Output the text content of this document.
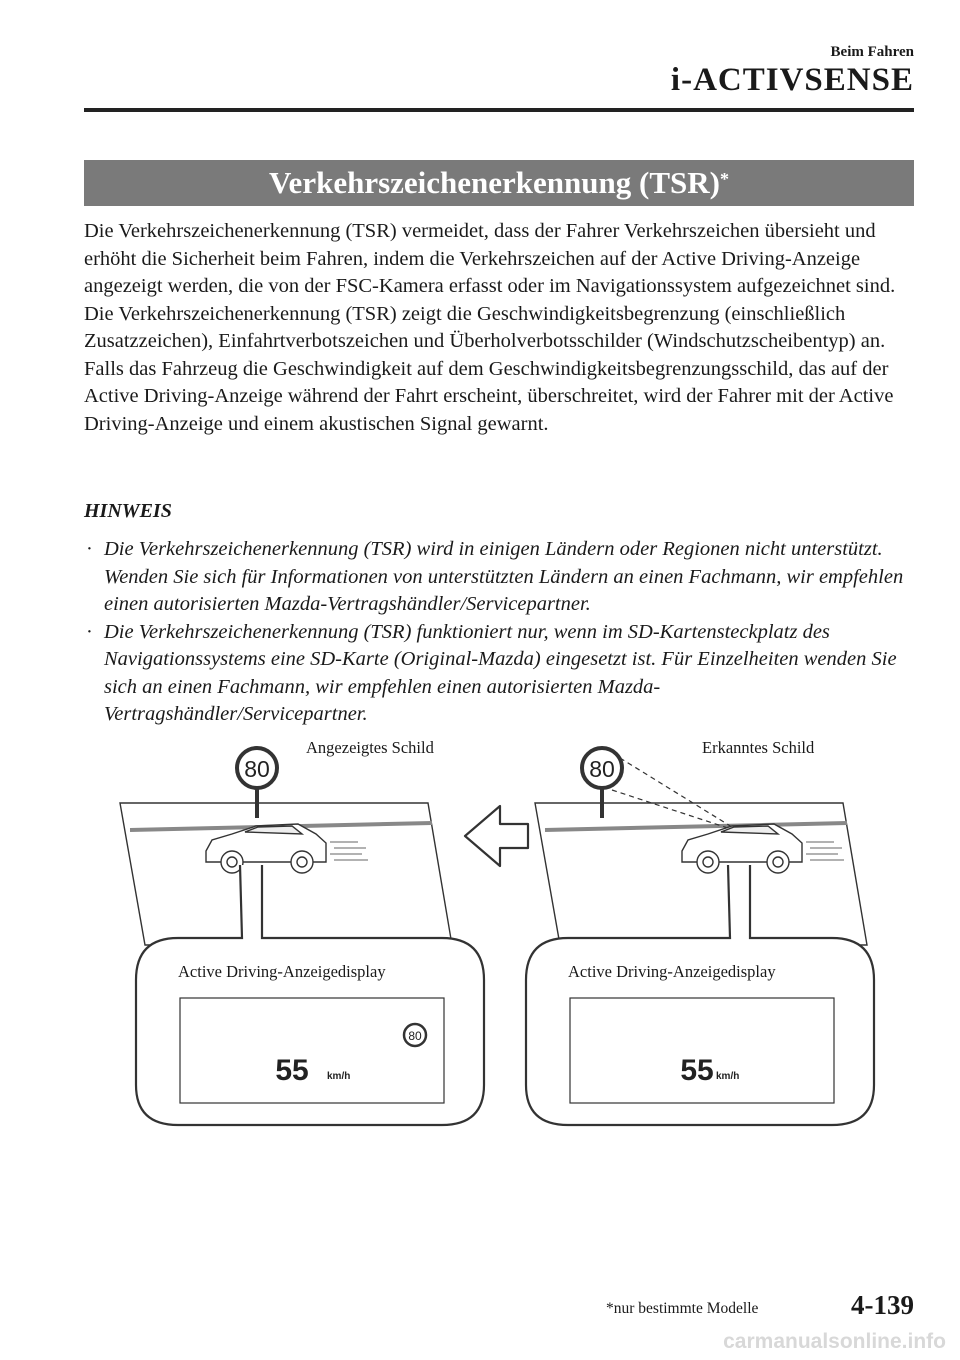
Beim Fahren
i-ACTIVSENSE
Verkehrszeichenerkennung (TSR)*

Die Verkehrszeichenerkennung (TSR) vermeidet, dass der Fahrer Verkehrszeichen übersieht und erhöht die Sicherheit beim Fahren, indem die Verkehrszeichen auf der Active Driving-Anzeige angezeigt werden, die von der FSC-Kamera erfasst oder im Navigationssystem aufgezeichnet sind.

Die Verkehrszeichenerkennung (TSR) zeigt die Geschwindigkeitsbegrenzung (einschließlich Zusatzzeichen), Einfahrtverbotszeichen und Überholverbotsschilder (Windschutzscheibentyp) an.

Falls das Fahrzeug die Geschwindigkeit auf dem Geschwindigkeitsbegrenzungsschild, das auf der Active Driving-Anzeige während der Fahrt erscheint, überschreitet, wird der Fahrer mit der Active Driving-Anzeige und einem akustischen Signal gewarnt.

HINWEIS

· Die Verkehrszeichenerkennung (TSR) wird in einigen Ländern oder Regionen nicht unterstützt. Wenden Sie sich für Informationen von unterstützten Ländern an einen Fachmann, wir empfehlen einen autorisierten Mazda-Vertragshändler/Servicepartner.

· Die Verkehrszeichenerkennung (TSR) funktioniert nur, wenn im SD-Kartensteckplatz des Navigationssystems eine SD-Karte (Original-Mazda) eingesetzt ist. Für Einzelheiten wenden Sie sich an einen Fachmann, wir empfehlen einen autorisierten Mazda-Vertragshändler/Servicepartner.

80
55 km/h
80
80
55 km/h
Angezeigtes Schild	Erkanntes Schild
Active Driving-Anzeigedisplay	Active Driving-Anzeigedisplay
*nur bestimmte Modelle	4-139
carmanualsonline.info
